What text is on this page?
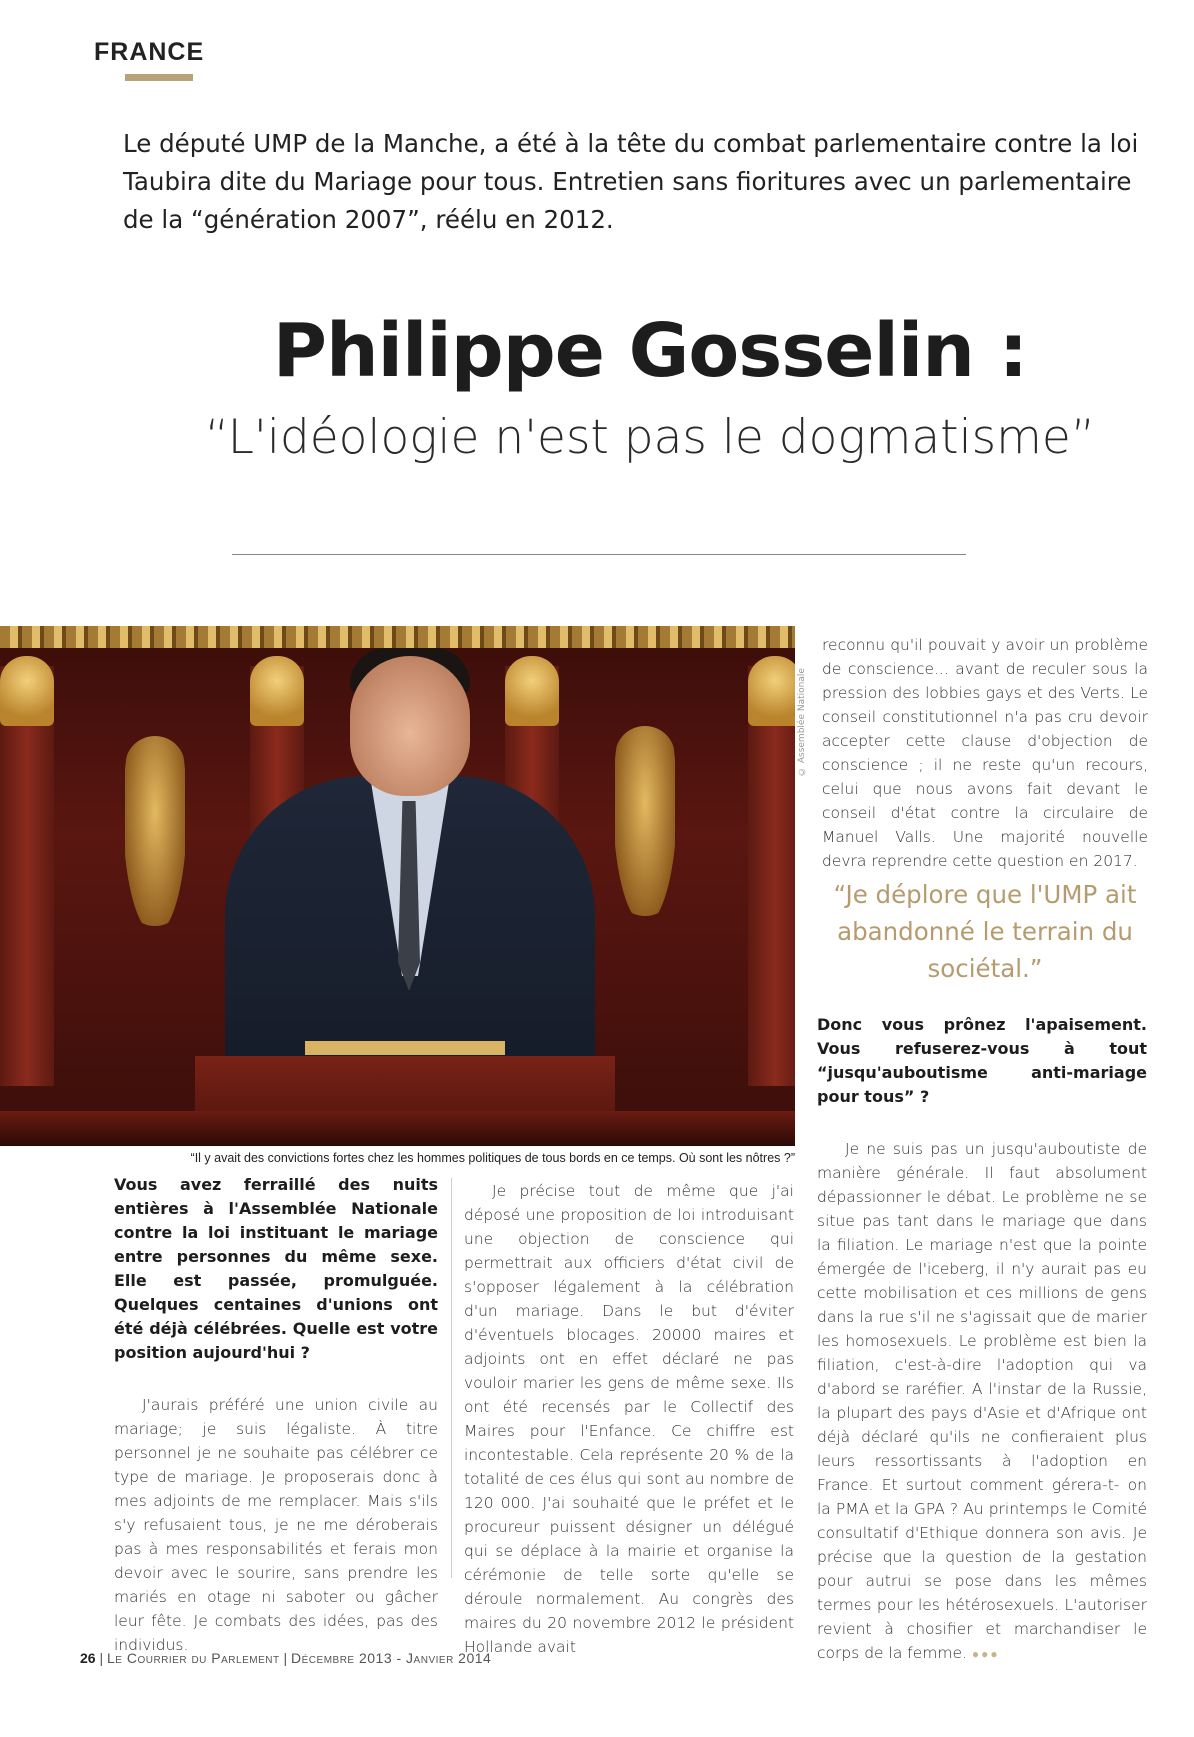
FRANCE
Le député UMP de la Manche, a été à la tête du combat parlementaire contre la loi Taubira dite du Mariage pour tous. Entretien sans fioritures avec un parlementaire de la “génération 2007”, réélu en 2012.
Philippe Gosselin :
“L'idéologie n'est pas le dogmatisme”
© Assemblée Nationale
“Il y avait des convictions fortes chez les hommes politiques de tous bords en ce temps. Où sont les nôtres ?”

Vous avez ferraillé des nuits entières à l'Assemblée Nationale contre la loi instituant le mariage entre personnes du même sexe. Elle est passée, promulguée. Quelques centaines d'unions ont été déjà célébrées. Quelle est votre position aujourd'hui ?

J'aurais préféré une union civile au mariage; je suis légaliste. À titre personnel je ne souhaite pas célébrer ce type de mariage. Je proposerais donc à mes adjoints de me remplacer. Mais s'ils s'y refusaient tous, je ne me déroberais pas à mes responsabilités et ferais mon devoir avec le sourire, sans prendre les mariés en otage ni saboter ou gâcher leur fête. Je combats des idées, pas des individus.

Je précise tout de même que j'ai déposé une proposition de loi introduisant une objection de conscience qui permettrait aux officiers d'état civil de s'opposer légalement à la célébration d'un mariage. Dans le but d'éviter d'éventuels blocages. 20000 maires et adjoints ont en effet déclaré ne pas vouloir marier les gens de même sexe. Ils ont été recensés par le Collectif des Maires pour l'Enfance. Ce chiffre est incontestable. Cela représente 20 % de la totalité de ces élus qui sont au nombre de 120 000. J'ai souhaité que le préfet et le procureur puissent désigner un délégué qui se déplace à la mairie et organise la cérémonie de telle sorte qu'elle se déroule normalement. Au congrès des maires du 20 novembre 2012 le président Hollande avait

reconnu qu'il pouvait y avoir un problème de conscience... avant de reculer sous la pression des lobbies gays et des Verts. Le conseil constitutionnel n'a pas cru devoir accepter cette clause d'objection de conscience ; il ne reste qu'un recours, celui que nous avons fait devant le conseil d'état contre la circulaire de Manuel Valls. Une majorité nouvelle devra reprendre cette question en 2017.

“Je déplore que l'UMP ait abandonné le terrain du sociétal.”

Donc vous prônez l'apaisement. Vous refuserez-vous à tout “jusqu'auboutisme anti-mariage pour tous” ?

Je ne suis pas un jusqu'auboutiste de manière générale. Il faut absolument dépassionner le débat. Le problème ne se situe pas tant dans le mariage que dans la filiation. Le mariage n'est que la pointe émergée de l'iceberg, il n'y aurait pas eu cette mobilisation et ces millions de gens dans la rue s'il ne s'agissait que de marier les homosexuels. Le problème est bien la filiation, c'est-à-dire l'adoption qui va d'abord se raréfier. A l'instar de la Russie, la plupart des pays d'Asie et d'Afrique ont déjà déclaré qu'ils ne confieraient plus leurs ressortissants à l'adoption en France. Et surtout comment gérera-t- on la PMA et la GPA ? Au printemps le Comité consultatif d'Ethique donnera son avis. Je précise que la question de la gestation pour autrui se pose dans les mêmes termes pour les hétérosexuels. L'autoriser revient à chosifier et marchandiser le corps de la femme. ●●●

26 | Le Courrier du Parlement | Décembre 2013 - Janvier 2014
